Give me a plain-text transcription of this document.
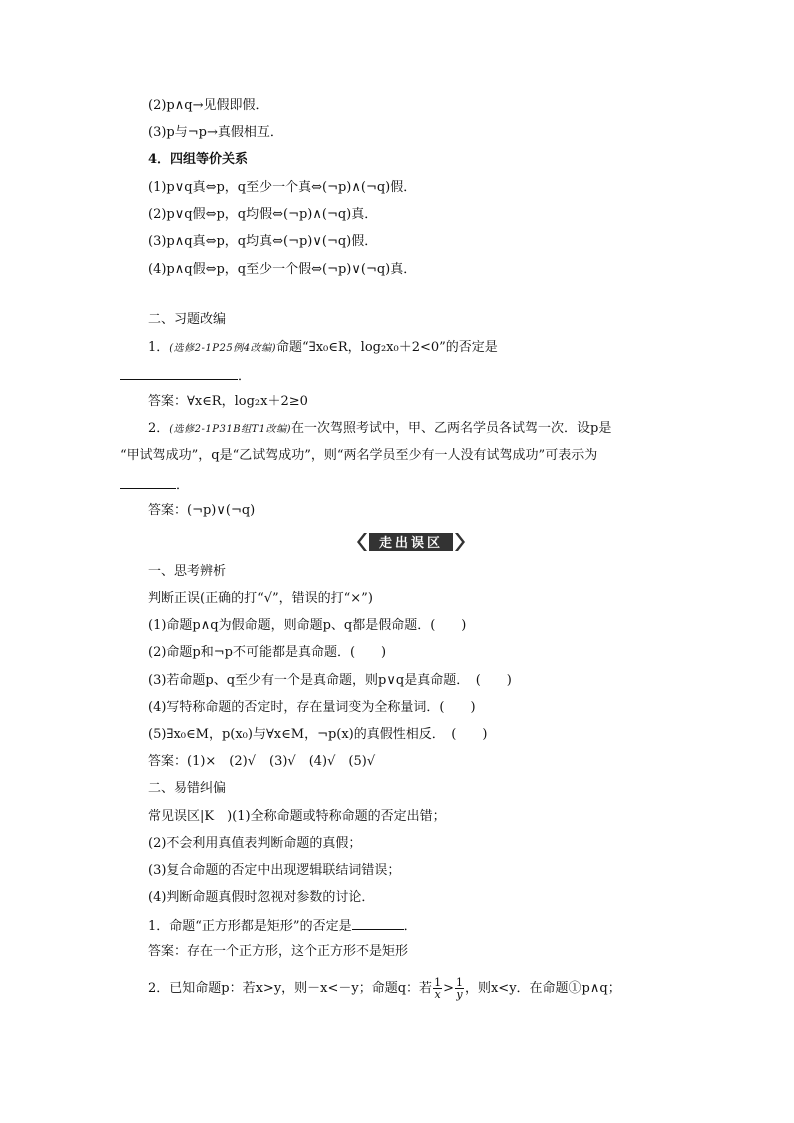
(2)p∧q→见假即假．
(3)p与¬p→真假相互．
4．四组等价关系
(1)p∨q真⇔p，q至少一个真⇔(¬p)∧(¬q)假．
(2)p∨q假⇔p，q均假⇔(¬p)∧(¬q)真．
(3)p∧q真⇔p，q均真⇔(¬p)∨(¬q)假．
(4)p∧q假⇔p，q至少一个假⇔(¬p)∨(¬q)真．
二、习题改编
1．(选修2-1P25例4改编)命题“∃x₀∈R，log₂x₀＋2<0”的否定是
．
答案：∀x∈R，log₂x＋2≥0
2．(选修2-1P31B组T1改编)在一次驾照考试中，甲、乙两名学员各试驾一次．设p是
“甲试驾成功”，q是“乙试驾成功”，则“两名学员至少有一人没有试驾成功”可表示为
．
答案：(¬p)∨(¬q)
走出误区
一、思考辨析
判断正误(正确的打“√”，错误的打“×”)
(1)命题p∧q为假命题，则命题p、q都是假命题．(　　)
(2)命题p和¬p不可能都是真命题．(　　)
(3)若命题p、q至少有一个是真命题，则p∨q是真命题．　(　　)
(4)写特称命题的否定时，存在量词变为全称量词．(　　)
(5)∃x₀∈M，p(x₀)与∀x∈M，¬p(x)的真假性相反．　(　　)
答案：(1)×　(2)√　(3)√　(4)√　(5)√
二、易错纠偏
常见误区|K　)(1)全称命题或特称命题的否定出错；
(2)不会利用真值表判断命题的真假；
(3)复合命题的否定中出现逻辑联结词错误；
(4)判断命题真假时忽视对参数的讨论．
1．命题“正方形都是矩形”的否定是	．
答案：存在一个正方形，这个正方形不是矩形
2．已知命题p：若x>y，则－x<－y；命题q：若 $\frac{1}{x} > \frac{1}{y}$ ，则x<y．在命题①p∧q；
